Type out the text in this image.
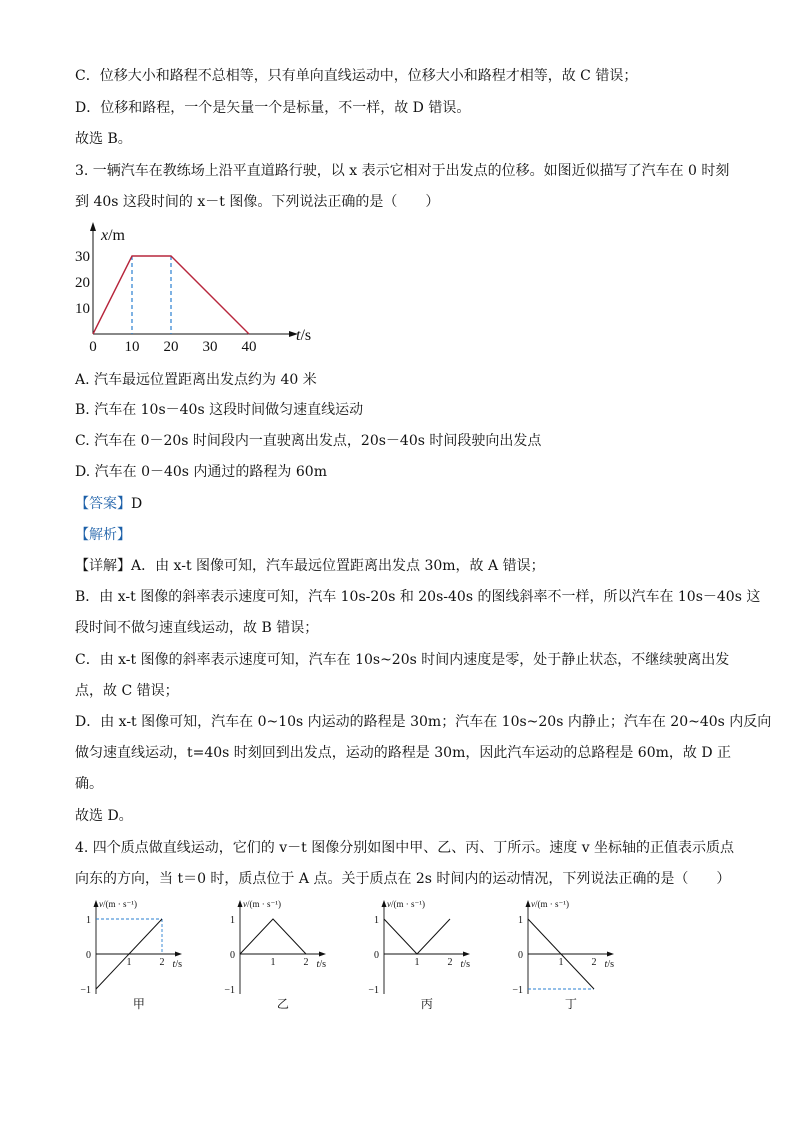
C．位移大小和路程不总相等，只有单向直线运动中，位移大小和路程才相等，故 C 错误；
D．位移和路程，一个是矢量一个是标量，不一样，故 D 错误。
故选 B。
3. 一辆汽车在教练场上沿平直道路行驶，以 x 表示它相对于出发点的位移。如图近似描写了汽车在 0 时刻
到 40s 这段时间的 x－t 图像。下列说法正确的是（　　）
x/m
t/s
0 10 20 30 40
10
20
30
A. 汽车最远位置距离出发点约为 40 米
B. 汽车在 10s－40s 这段时间做匀速直线运动
C. 汽车在 0－20s 时间段内一直驶离出发点，20s－40s 时间段驶向出发点
D. 汽车在 0－40s 内通过的路程为 60m
【答案】D
【解析】
【详解】A．由 x-t 图像可知，汽车最远位置距离出发点 30m，故 A 错误；
B．由 x-t 图像的斜率表示速度可知，汽车 10s-20s 和 20s-40s 的图线斜率不一样，所以汽车在 10s－40s 这
段时间不做匀速直线运动，故 B 错误；
C．由 x-t 图像的斜率表示速度可知，汽车在 10s~20s 时间内速度是零，处于静止状态，不继续驶离出发
点，故 C 错误；
D．由 x-t 图像可知，汽车在 0~10s 内运动的路程是 30m；汽车在 10s~20s 内静止；汽车在 20~40s 内反向
做匀速直线运动，t=40s 时刻回到出发点，运动的路程是 30m，因此汽车运动的总路程是 60m，故 D 正
确。
故选 D。
4. 四个质点做直线运动，它们的 v－t 图像分别如图中甲、乙、丙、丁所示。速度 v 坐标轴的正值表示质点
向东的方向，当 t＝0 时，质点位于 A 点。关于质点在 2s 时间内的运动情况，下列说法正确的是（　　）
v/(m · s⁻¹)
t/s
1	2
1
0
−1
甲
v/(m · s⁻¹)
t/s
1	2
1
0
−1
乙
v/(m · s⁻¹)
t/s
1	2
1
0
−1
丙
v/(m · s⁻¹)
t/s
1	2
1
0
−1
丁
